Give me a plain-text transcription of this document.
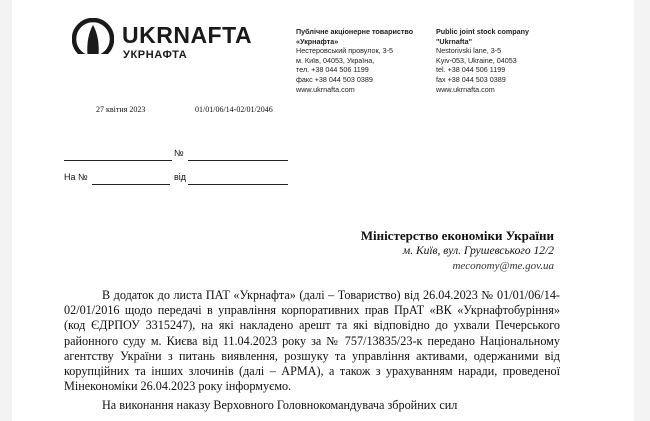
UKRNAFTA
УКРНАФТА
Публічне акціонерне товариство
«Укрнафта»
Нестеровський провулок, 3-5
м. Київ, 04053, Україна,
тел. +38 044 506 1199
факс +38 044 503 0389
www.ukrnafta.com
Public joint stock company
"Ukrnafta"
Nestorivski lane, 3-5
Kyiv-053, Ukraine, 04053
tel. +38 044 506 1199
fax +38 044 503 0389
www.ukrnafta.com
27 квітня 2023	01/01/06/14-02/01/2046
№
На №	від
Міністерство економіки України
м. Київ, вул. Грушевського 12/2
meconomy@me.gov.ua

В додаток до листа ПАТ «Укрнафта» (далі – Товариство) від 26.04.2023 № 01/01/06/14-02/01/2016 щодо передачі в управління корпоративних прав ПрАТ «ВК «Укрнафтобуріння» (код ЄДРПОУ 3315247), на які накладено арешт та які відповідно до ухвали Печерського районного суду м. Києва від 11.04.2023 року за № 757/13835/23-к передано Національному агентству України з питань виявлення, розшуку та управління активами, одержаними від корупційних та інших злочинів (далі – АРМА), а також з урахуванням наради, проведеної Мінекономіки 26.04.2023 року інформуємо.

На виконання наказу Верховного Головнокомандувача збройних сил
